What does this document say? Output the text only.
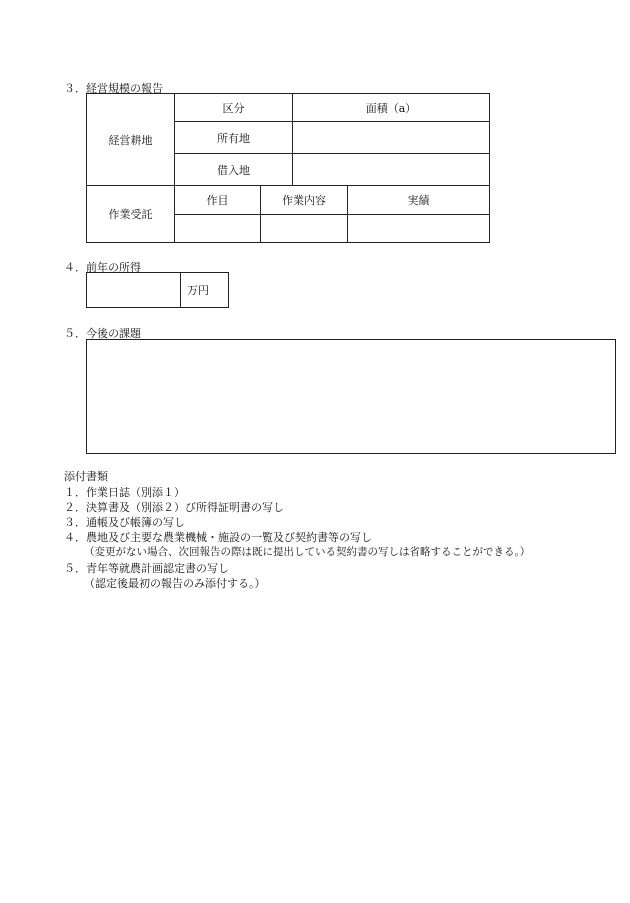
３．経営規模の報告
経営耕地	区分		面積（a）	
	所有地			
	借入地			
作業受託	作目	作業内容		実績

４．前年の所得
	万円
５．今後の課題
添付書類
１．作業日誌（別添１）
２．決算書及（別添２）び所得証明書の写し
３．通帳及び帳簿の写し
４．農地及び主要な農業機械・施設の一覧及び契約書等の写し
（変更がない場合、次回報告の際は既に提出している契約書の写しは省略することができる。）
５．青年等就農計画認定書の写し
（認定後最初の報告のみ添付する。）
